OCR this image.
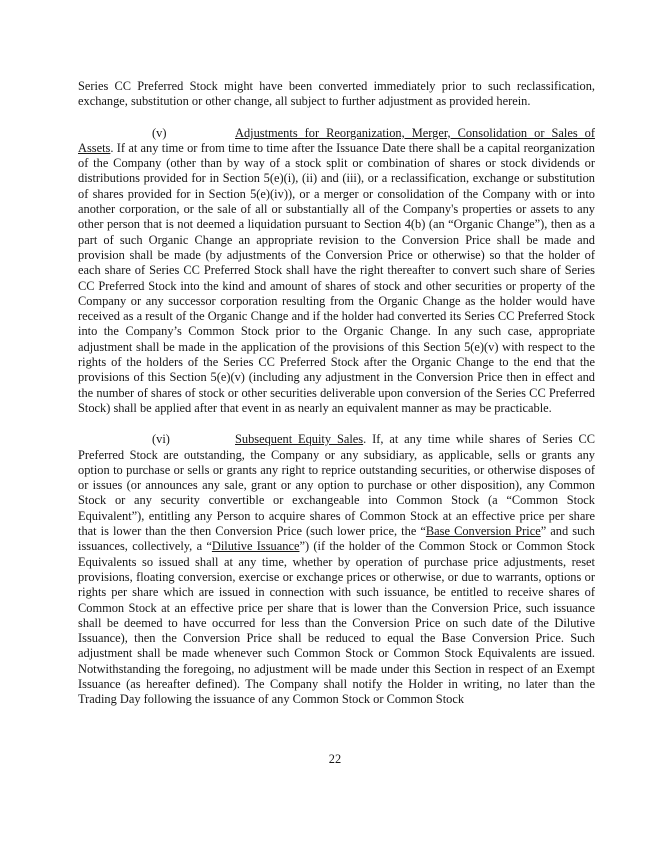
Series CC Preferred Stock might have been converted immediately prior to such reclassification, exchange, substitution or other change, all subject to further adjustment as provided herein.

(v)	Adjustments for Reorganization, Merger, Consolidation or Sales of Assets. If at any time or from time to time after the Issuance Date there shall be a capital reorganization of the Company (other than by way of a stock split or combination of shares or stock dividends or distributions provided for in Section 5(e)(i), (ii) and (iii), or a reclassification, exchange or substitution of shares provided for in Section 5(e)(iv)), or a merger or consolidation of the Company with or into another corporation, or the sale of all or substantially all of the Company's properties or assets to any other person that is not deemed a liquidation pursuant to Section 4(b) (an “Organic Change”), then as a part of such Organic Change an appropriate revision to the Conversion Price shall be made and provision shall be made (by adjustments of the Conversion Price or otherwise) so that the holder of each share of Series CC Preferred Stock shall have the right thereafter to convert such share of Series CC Preferred Stock into the kind and amount of shares of stock and other securities or property of the Company or any successor corporation resulting from the Organic Change as the holder would have received as a result of the Organic Change and if the holder had converted its Series CC Preferred Stock into the Company’s Common Stock prior to the Organic Change. In any such case, appropriate adjustment shall be made in the application of the provisions of this Section 5(e)(v) with respect to the rights of the holders of the Series CC Preferred Stock after the Organic Change to the end that the provisions of this Section 5(e)(v) (including any adjustment in the Conversion Price then in effect and the number of shares of stock or other securities deliverable upon conversion of the Series CC Preferred Stock) shall be applied after that event in as nearly an equivalent manner as may be practicable.

(vi)	Subsequent Equity Sales. If, at any time while shares of Series CC Preferred Stock are outstanding, the Company or any subsidiary, as applicable, sells or grants any option to purchase or sells or grants any right to reprice outstanding securities, or otherwise disposes of or issues (or announces any sale, grant or any option to purchase or other disposition), any Common Stock or any security convertible or exchangeable into Common Stock (a “Common Stock Equivalent”), entitling any Person to acquire shares of Common Stock at an effective price per share that is lower than the then Conversion Price (such lower price, the “Base Conversion Price” and such issuances, collectively, a “Dilutive Issuance”) (if the holder of the Common Stock or Common Stock Equivalents so issued shall at any time, whether by operation of purchase price adjustments, reset provisions, floating conversion, exercise or exchange prices or otherwise, or due to warrants, options or rights per share which are issued in connection with such issuance, be entitled to receive shares of Common Stock at an effective price per share that is lower than the Conversion Price, such issuance shall be deemed to have occurred for less than the Conversion Price on such date of the Dilutive Issuance), then the Conversion Price shall be reduced to equal the Base Conversion Price. Such adjustment shall be made whenever such Common Stock or Common Stock Equivalents are issued. Notwithstanding the foregoing, no adjustment will be made under this Section in respect of an Exempt Issuance (as hereafter defined). The Company shall notify the Holder in writing, no later than the Trading Day following the issuance of any Common Stock or Common Stock

22
